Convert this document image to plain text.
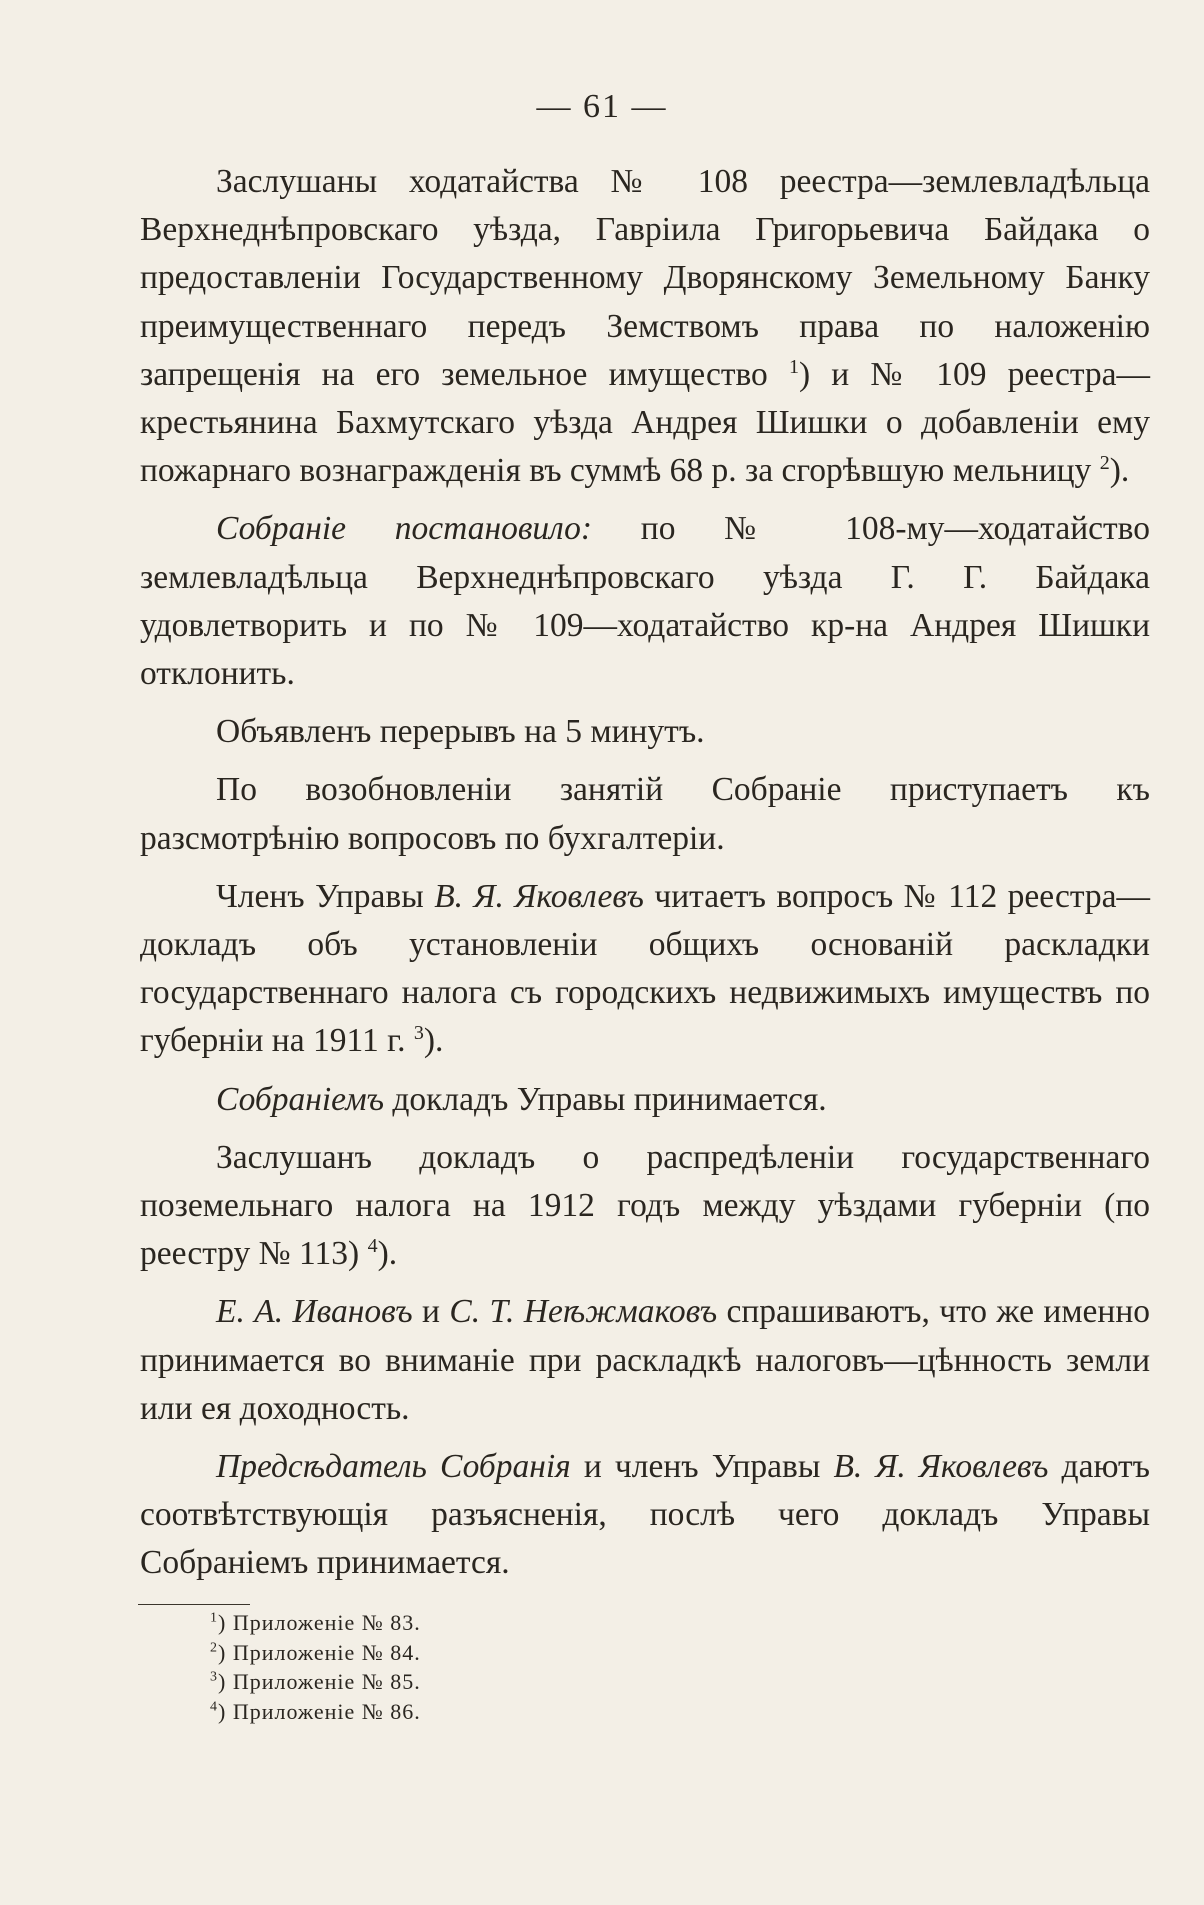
— 61 —

Заслушаны ходатайства № 108 реестра—землевладѣльца Верхнеднѣпровскаго уѣзда, Гавріила Григорьевича Байдака о предоставленіи Государственному Дворянскому Земельному Банку преимущественнаго передъ Земствомъ права по наложенію запрещенія на его земельное имущество $^1$) и № 109 реестра—крестьянина Бахмутскаго уѣзда Андрея Шишки о добавленіи ему пожарнаго вознагражденія въ суммѣ 68 р. за сгорѣвшую мельницу $^2$).

Собраніе постановило: по № 108-му—ходатайство землевладѣльца Верхнеднѣпровскаго уѣзда Г. Г. Байдака удовлетворить и по № 109—ходатайство кр-на Андрея Шишки отклонить.

Объявленъ перерывъ на 5 минутъ.

По возобновленіи занятій Собраніе приступаетъ къ разсмотрѣнію вопросовъ по бухгалтеріи.

Членъ Управы В. Я. Яковлевъ читаетъ вопросъ № 112 реестра—докладъ объ установленіи общихъ основаній раскладки государственнаго налога съ городскихъ недвижимыхъ имуществъ по губерніи на 1911 г. $^3$).

Собраніемъ докладъ Управы принимается.

Заслушанъ докладъ о распредѣленіи государственнаго поземельнаго налога на 1912 годъ между уѣздами губерніи (по реестру № 113) $^4$).

Е. А. Ивановъ и С. Т. Неѣжмаковъ спрашиваютъ, что же именно принимается во вниманіе при раскладкѣ налоговъ—цѣнность земли или ея доходность.

Предсѣдатель Собранія и членъ Управы В. Я. Яковлевъ даютъ соотвѣтствующія разъясненія, послѣ чего докладъ Управы Собраніемъ принимается.

$^1$) Приложеніе № 83.
$^2$) Приложеніе № 84.
$^3$) Приложеніе № 85.
$^4$) Приложеніе № 86.
